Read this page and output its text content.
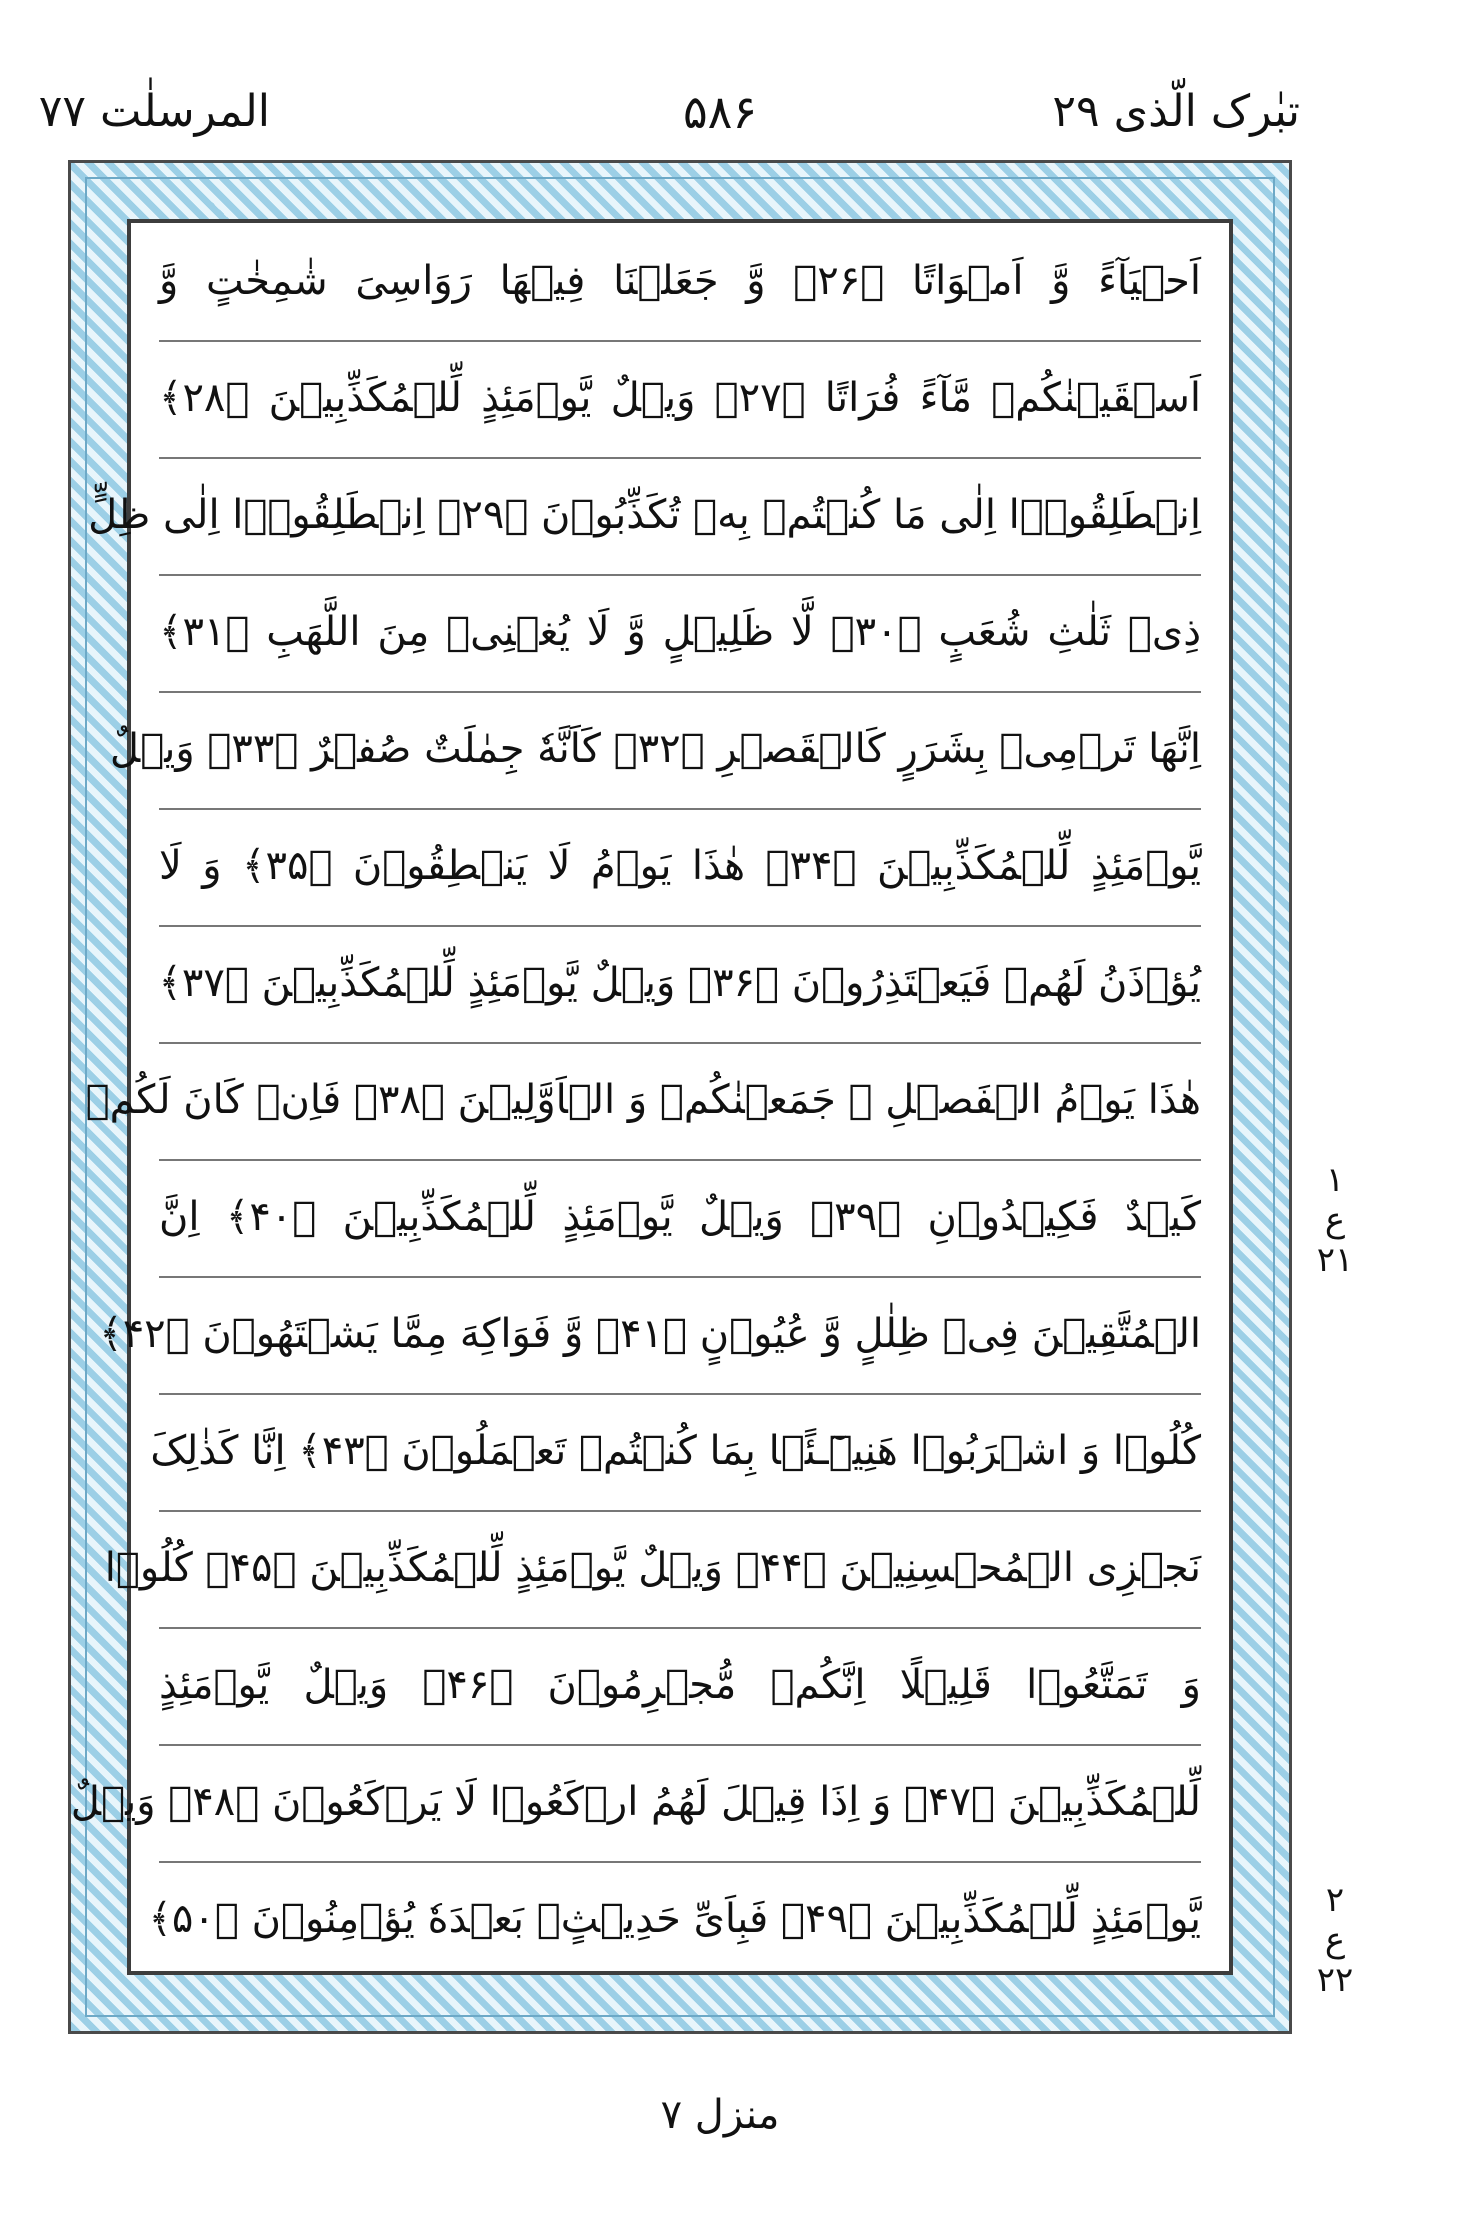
تبٰرک الّذی ۲۹
۵۸۶
المرسلٰت ۷۷
اَحۡیَآءً وَّ اَمۡوَاتًا ﴿۲۶﴾ وَّ جَعَلۡنَا فِیۡهَا رَوَاسِیَ شٰمِخٰتٍ وَّ
اَسۡقَیۡنٰکُمۡ مَّآءً فُرَاتًا ﴿۲۷﴾ وَیۡلٌ یَّوۡمَئِذٍ لِّلۡمُکَذِّبِیۡنَ ﴿۲۸﴾
اِنۡطَلِقُوۡۤا اِلٰی مَا کُنۡتُمۡ بِهٖ تُکَذِّبُوۡنَ ﴿۲۹﴾ اِنۡطَلِقُوۡۤا اِلٰی ظِلٍّ
ذِیۡ ثَلٰثِ شُعَبٍ ﴿۳۰﴾ لَّا ظَلِیۡلٍ وَّ لَا یُغۡنِیۡ مِنَ اللَّهَبِ ﴿۳۱﴾
اِنَّهَا تَرۡمِیۡ بِشَرَرٍ کَالۡقَصۡرِ ﴿۳۲﴾ کَاَنَّهٗ جِمٰلَتٌ صُفۡرٌ ﴿۳۳﴾ وَیۡلٌ
یَّوۡمَئِذٍ لِّلۡمُکَذِّبِیۡنَ ﴿۳۴﴾ هٰذَا یَوۡمُ لَا یَنۡطِقُوۡنَ ﴿۳۵﴾ وَ لَا
یُؤۡذَنُ لَهُمۡ فَیَعۡتَذِرُوۡنَ ﴿۳۶﴾ وَیۡلٌ یَّوۡمَئِذٍ لِّلۡمُکَذِّبِیۡنَ ﴿۳۷﴾
هٰذَا یَوۡمُ الۡفَصۡلِ ۚ جَمَعۡنٰکُمۡ وَ الۡاَوَّلِیۡنَ ﴿۳۸﴾ فَاِنۡ کَانَ لَکُمۡ
کَیۡدٌ فَکِیۡدُوۡنِ ﴿۳۹﴾ وَیۡلٌ یَّوۡمَئِذٍ لِّلۡمُکَذِّبِیۡنَ ﴿۴۰﴾ اِنَّ
الۡمُتَّقِیۡنَ فِیۡ ظِلٰلٍ وَّ عُیُوۡنٍ ﴿۴۱﴾ وَّ فَوَاکِهَ مِمَّا یَشۡتَهُوۡنَ ﴿۴۲﴾
کُلُوۡا وَ اشۡرَبُوۡا هَنِیۡٓـئًۢا بِمَا کُنۡتُمۡ تَعۡمَلُوۡنَ ﴿۴۳﴾ اِنَّا کَذٰلِکَ
نَجۡزِی الۡمُحۡسِنِیۡنَ ﴿۴۴﴾ وَیۡلٌ یَّوۡمَئِذٍ لِّلۡمُکَذِّبِیۡنَ ﴿۴۵﴾ کُلُوۡا
وَ تَمَتَّعُوۡا قَلِیۡلًا اِنَّکُمۡ مُّجۡرِمُوۡنَ ﴿۴۶﴾ وَیۡلٌ یَّوۡمَئِذٍ
لِّلۡمُکَذِّبِیۡنَ ﴿۴۷﴾ وَ اِذَا قِیۡلَ لَهُمُ ارۡکَعُوۡا لَا یَرۡکَعُوۡنَ ﴿۴۸﴾ وَیۡلٌ
یَّوۡمَئِذٍ لِّلۡمُکَذِّبِیۡنَ ﴿۴۹﴾ فَبِاَیِّ حَدِیۡثٍۭ بَعۡدَهٗ یُؤۡمِنُوۡنَ ﴿۵۰﴾
۱
ع
۲۱
۲
ع
۲۲
منزل ۷
